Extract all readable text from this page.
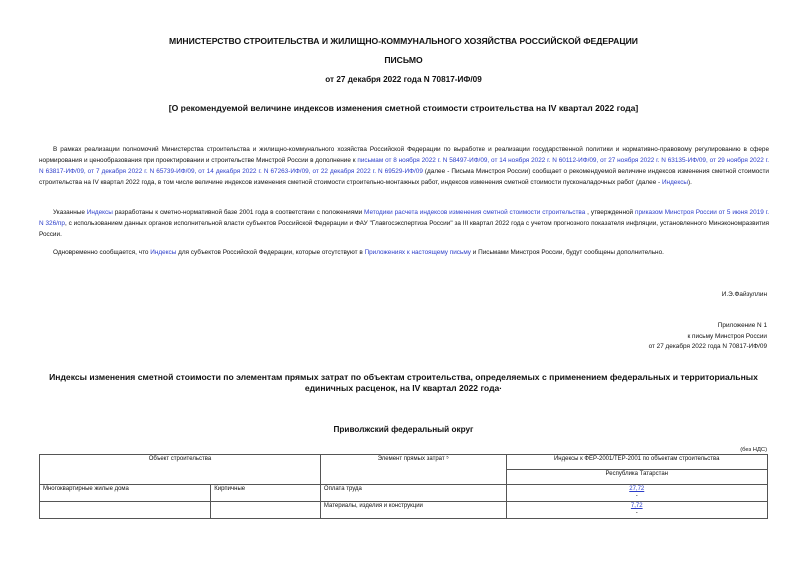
МИНИСТЕРСТВО СТРОИТЕЛЬСТВА И ЖИЛИЩНО-КОММУНАЛЬНОГО ХОЗЯЙСТВА РОССИЙСКОЙ ФЕДЕРАЦИИ
ПИСЬМО
от 27 декабря 2022 года N 70817-ИФ/09
[О рекомендуемой величине индексов изменения сметной стоимости строительства на IV квартал 2022 года]

В рамках реализации полномочий Министерства строительства и жилищно-коммунального хозяйства Российской Федерации по выработке и реализации государственной политики и нормативно-правовому регулированию в сфере нормирования и ценообразования при проектировании и строительстве Минстрой России в дополнение к письмам от 8 ноября 2022 г. N 58497-ИФ/09, от 14 ноября 2022 г. N 60112-ИФ/09, от 27 ноября 2022 г. N 63135-ИФ/09, от 29 ноября 2022 г. N 63817-ИФ/09, от 7 декабря 2022 г. N 65739-ИФ/09, от 14 декабря 2022 г. N 67263-ИФ/09, от 22 декабря 2022 г. N 69529-ИФ/09 (далее - Письма Минстроя России) сообщает о рекомендуемой величине индексов изменения сметной стоимости строительства на IV квартал 2022 года, в том числе величине индексов изменения сметной стоимости строительно-монтажных работ, индексов изменения сметной стоимости пусконаладочных работ (далее - Индексы).

Указанные Индексы разработаны к сметно-нормативной базе 2001 года в соответствии с положениями Методики расчета индексов изменения сметной стоимости строительства , утвержденной приказом Минстроя России от 5 июня 2019 г. N 326/пр, с использованием данных органов исполнительной власти субъектов Российской Федерации и ФАУ "Главгосэкспертиза России" за III квартал 2022 года с учетом прогнозного показателя инфляции, установленного Минэкономразвития России.

Одновременно сообщается, что Индексы для субъектов Российской Федерации, которые отсутствуют в Приложениях к настоящему письму и Письмами Минстроя России, будут сообщены дополнительно.

И.Э.Файзуллин
Приложение N 1
к письму Минстроя России
от 27 декабря 2022 года N 70817-ИФ/09
Индексы изменения сметной стоимости по элементам прямых затрат по объектам строительства, определяемых с применением федеральных и территориальных единичных расценок, на IV квартал 2022 года·
Приволжский федеральный округ
(без НДС)
Объект строительства		Элемент прямых затрат ⁵	Индексы к ФЕР-2001/ТЕР-2001 по объектам строительства
			Республика Татарстан
Многоквартирные жилые дома	Кирпичные	Оплата труда	27,72
-

		Материалы, изделия и конструкции	7,72
-
